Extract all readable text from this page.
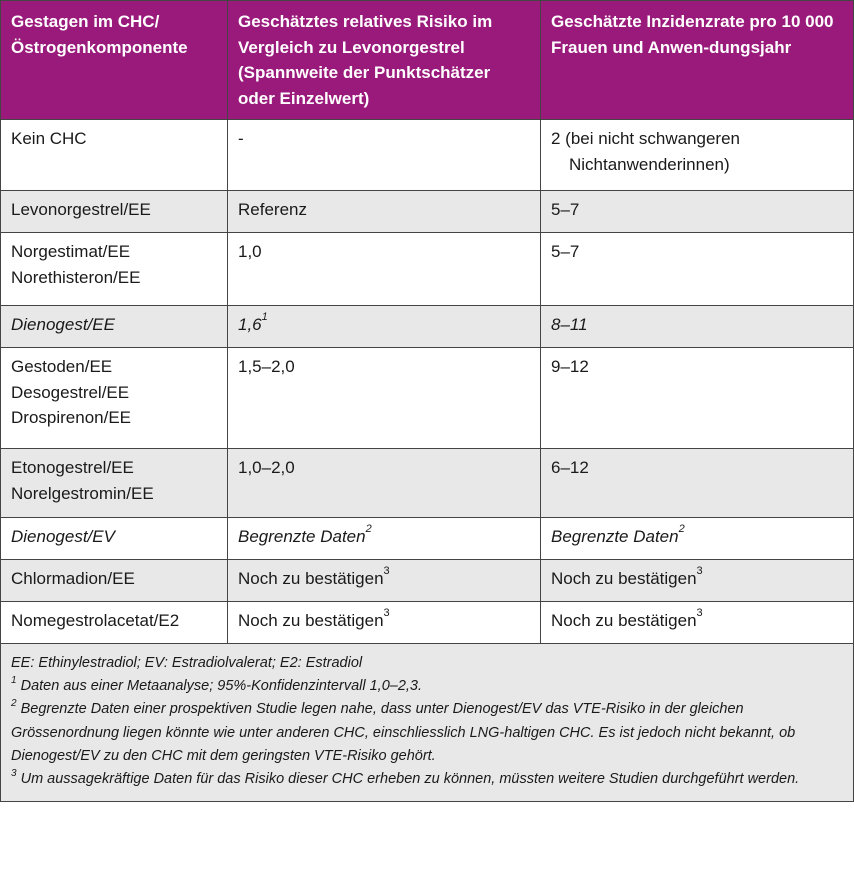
Gestagen im CHC/ Östrogenkomponente	Geschätztes relatives Risiko im Vergleich zu Levonorgestrel (Spannweite der Punktschätzer oder Einzelwert)	Geschätzte Inzidenzrate pro 10 000 Frauen und Anwen-dungsjahr
Kein CHC	-	2 (bei nicht schwangeren
Nichtanwenderinnen)

Levonorgestrel/EE	Referenz	5–7
Norgestimat/EE
Norethisteron/EE	1,0	5–7
Dienogest/EE	$1,6^1$	8–11
Gestoden/EE
Desogestrel/EE
Drospirenon/EE	1,5–2,0	9–12
Etonogestrel/EE
Norelgestromin/EE	1,0–2,0	6–12
Dienogest/EV	Begrenzte Daten$^2$	Begrenzte Daten$^2$
Chlormadion/EE	Noch zu bestätigen$^3$	Noch zu bestätigen$^3$
Nomegestrolacetat/E2	Noch zu bestätigen$^3$	Noch zu bestätigen$^3$

EE: Ethinylestradiol; EV: Estradiolvalerat; E2: Estradiol

$^1$ Daten aus einer Metaanalyse; 95%-Konfidenzintervall 1,0–2,3.

$^2$ Begrenzte Daten einer prospektiven Studie legen nahe, dass unter Dienogest/EV das VTE-Risiko in der gleichen Grössenordnung liegen könnte wie unter anderen CHC, einschliesslich LNG-haltigen CHC. Es ist jedoch nicht bekannt, ob Dienogest/EV zu den CHC mit dem geringsten VTE-Risiko gehört.

$^3$ Um aussagekräftige Daten für das Risiko dieser CHC erheben zu können, müssten weitere Studien durchgeführt werden.		
